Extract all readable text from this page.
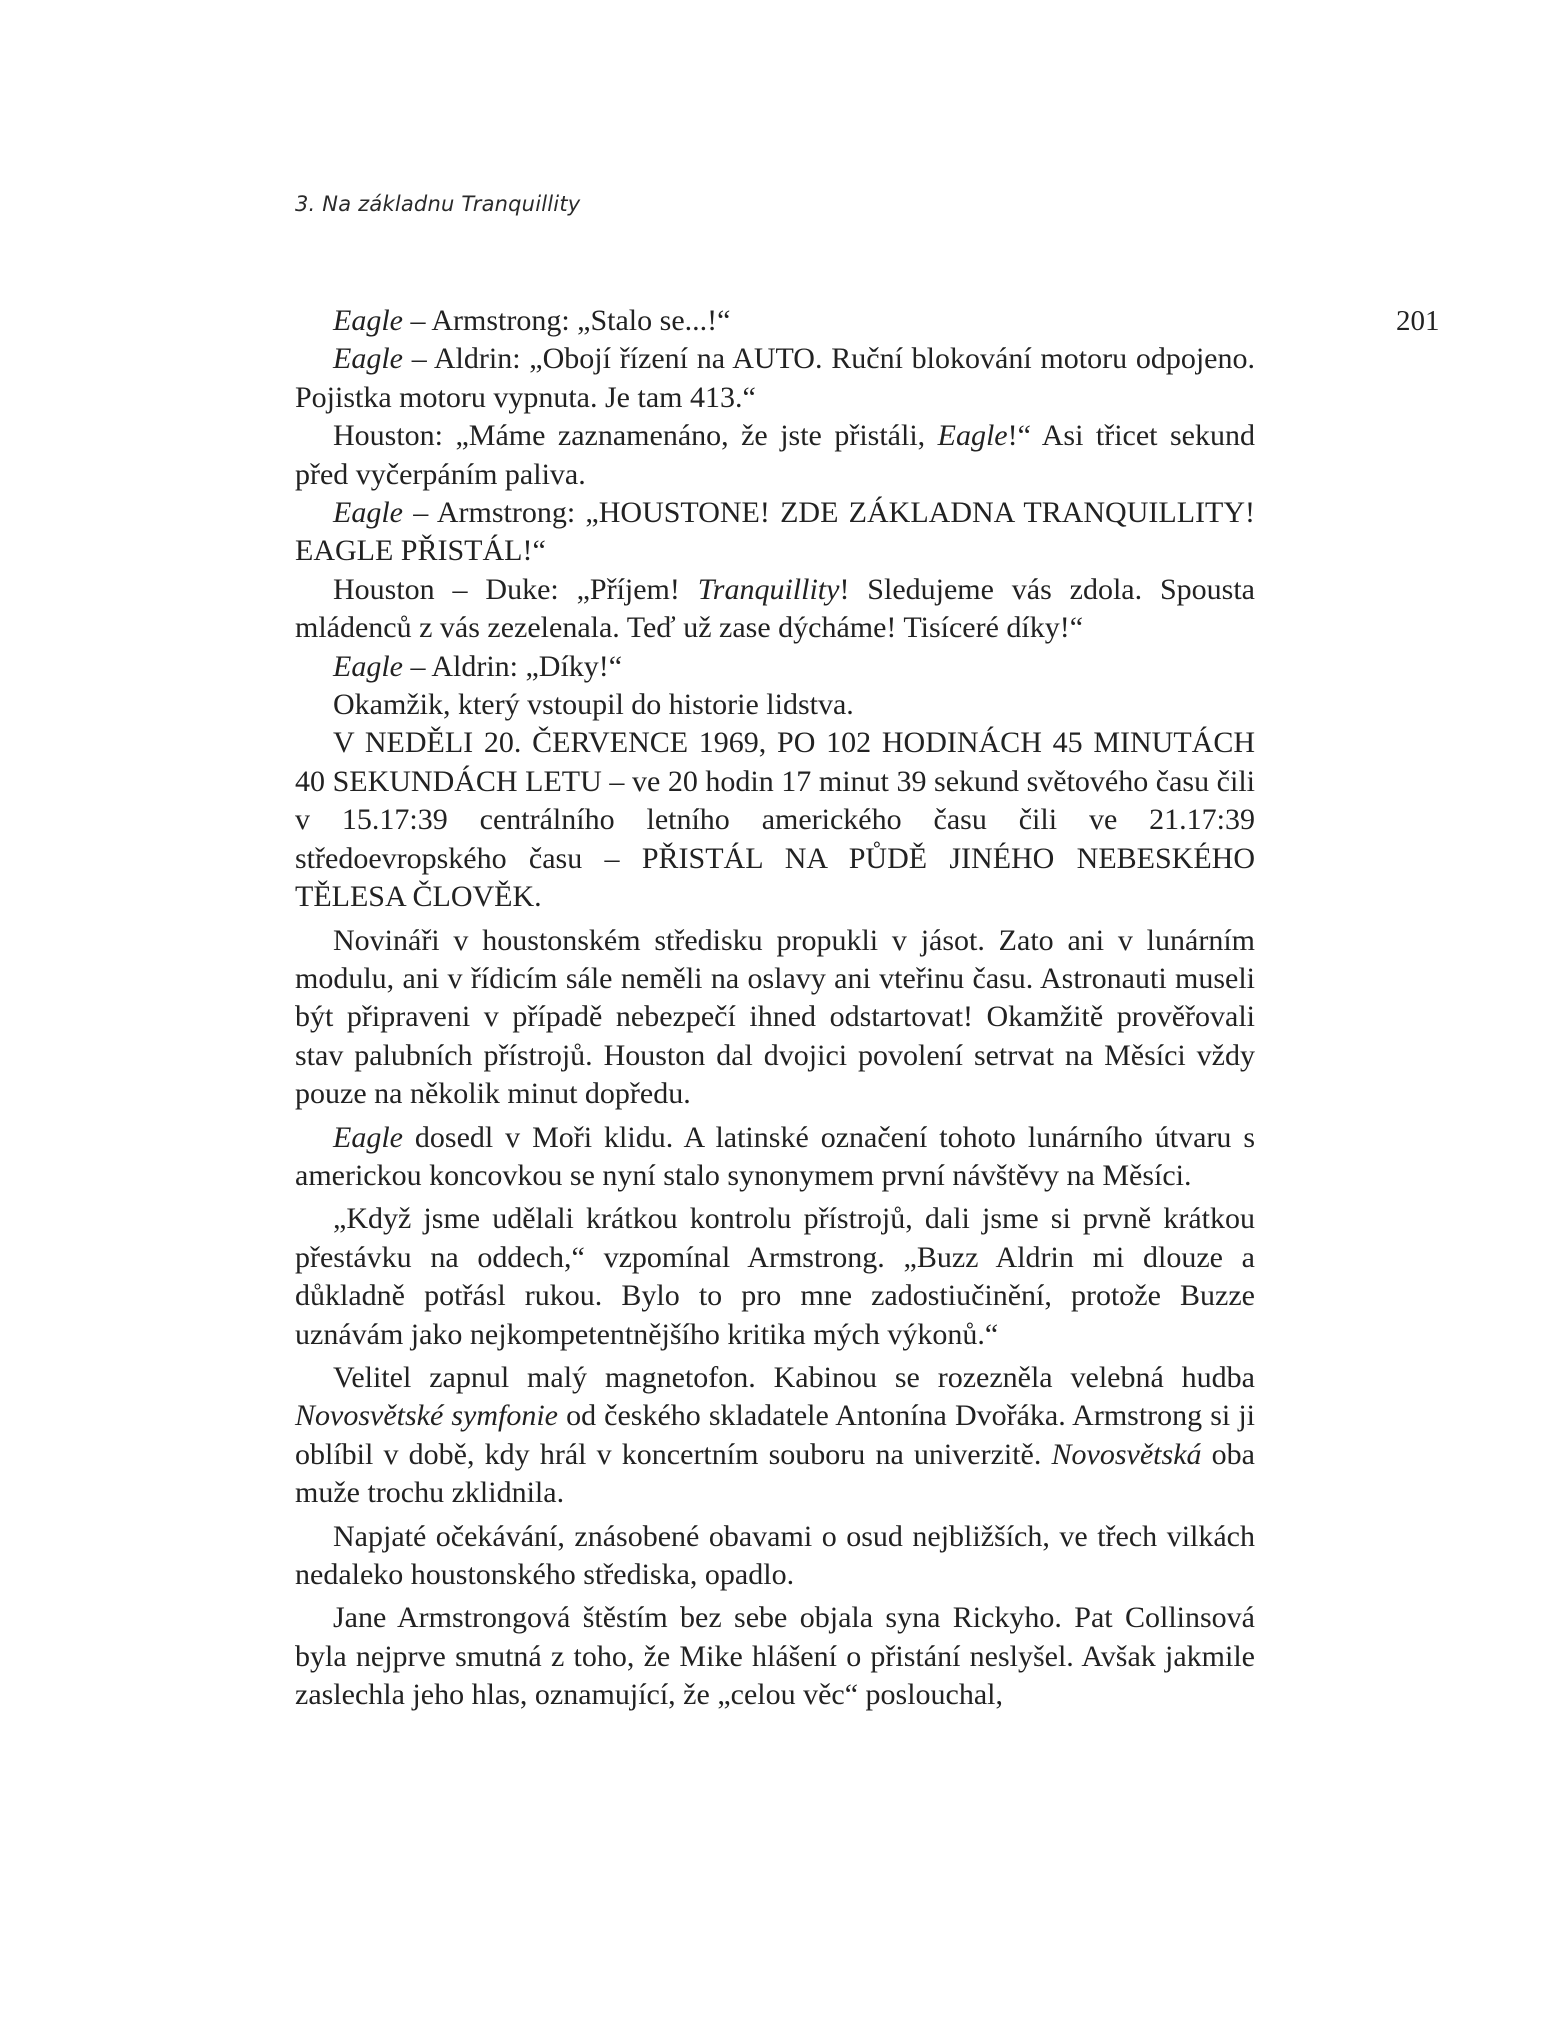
3. Na základnu Tranquillity
201

Eagle – Armstrong: „Stalo se...!“

Eagle – Aldrin: „Obojí řízení na AUTO. Ruční blokování motoru odpojeno. Pojistka motoru vypnuta. Je tam 413.“

Houston: „Máme zaznamenáno, že jste přistáli, Eagle!“ Asi třicet sekund před vyčerpáním paliva.

Eagle – Armstrong: „HOUSTONE! ZDE ZÁKLADNA TRANQUILLITY! EAGLE PŘISTÁL!“

Houston – Duke: „Příjem! Tranquillity! Sledujeme vás zdola. Spousta mládenců z vás zezelenala. Teď už zase dýcháme! Tisíceré díky!“

Eagle – Aldrin: „Díky!“

Okamžik, který vstoupil do historie lidstva.

V NEDĚLI 20. ČERVENCE 1969, PO 102 HODINÁCH 45 MINUTÁCH 40 SEKUNDÁCH LETU – ve 20 hodin 17 minut 39 sekund světového času čili v 15.17:39 centrálního letního amerického času čili ve 21.17:39 středoevropského času – PŘISTÁL NA PŮDĚ JINÉHO NEBESKÉHO TĚLESA ČLOVĚK.

Novináři v houstonském středisku propukli v jásot. Zato ani v lunárním modulu, ani v řídicím sále neměli na oslavy ani vteřinu času. Astronauti museli být připraveni v případě nebezpečí ihned odstartovat! Okamžitě prověřovali stav palubních přístrojů. Houston dal dvojici povolení setrvat na Měsíci vždy pouze na několik minut dopředu.

Eagle dosedl v Moři klidu. A latinské označení tohoto lunárního útvaru s americkou koncovkou se nyní stalo synonymem první návštěvy na Měsíci.

„Když jsme udělali krátkou kontrolu přístrojů, dali jsme si prvně krátkou přestávku na oddech,“ vzpomínal Armstrong. „Buzz Aldrin mi dlouze a důkladně potřásl rukou. Bylo to pro mne zadostiučinění, protože Buzze uznávám jako nejkompetentnějšího kritika mých výkonů.“

Velitel zapnul malý magnetofon. Kabinou se rozezněla velebná hudba Novosvětské symfonie od českého skladatele Antonína Dvořáka. Armstrong si ji oblíbil v době, kdy hrál v koncertním souboru na univerzitě. Novosvětská oba muže trochu zklidnila.

Napjaté očekávání, znásobené obavami o osud nejbližších, ve třech vilkách nedaleko houstonského střediska, opadlo.

Jane Armstrongová štěstím bez sebe objala syna Rickyho. Pat Collinsová byla nejprve smutná z toho, že Mike hlášení o přistání neslyšel. Avšak jakmile zaslechla jeho hlas, oznamující, že „celou věc“ poslouchal,
